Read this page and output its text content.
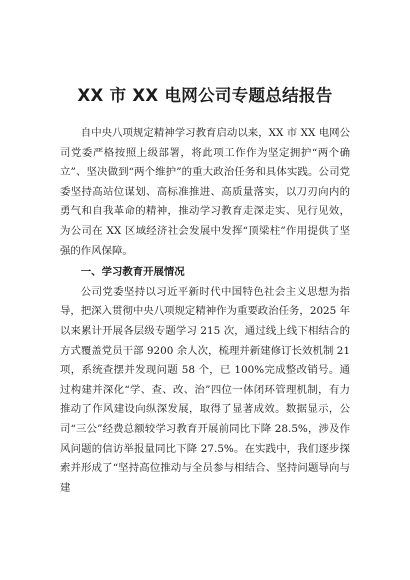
XX 市 XX 电网公司专题总结报告

自中央八项规定精神学习教育启动以来，XX 市 XX 电网公司党委严格按照上级部署，将此项工作作为坚定拥护“两个确立”、坚决做到“两个维护”的重大政治任务和具体实践。公司党委坚持高站位谋划、高标准推进、高质量落实，以刀刃向内的勇气和自我革命的精神，推动学习教育走深走实、见行见效，为公司在 XX 区域经济社会发展中发挥“顶梁柱”作用提供了坚强的作风保障。

一、学习教育开展情况

公司党委坚持以习近平新时代中国特色社会主义思想为指导，把深入贯彻中央八项规定精神作为重要政治任务，2025 年以来累计开展各层级专题学习 215 次，通过线上线下相结合的方式覆盖党员干部 9200 余人次，梳理并新建修订长效机制 21 项，系统查摆并发现问题 58 个，已 100%完成整改销号。通过构建并深化“学、查、改、治”四位一体闭环管理机制，有力推动了作风建设向纵深发展，取得了显著成效。数据显示，公司“三公”经费总额较学习教育开展前同比下降 28.5%，涉及作风问题的信访举报量同比下降 27.5%。在实践中，我们逐步探索并形成了“坚持高位推动与全员参与相结合、坚持问题导向与建
